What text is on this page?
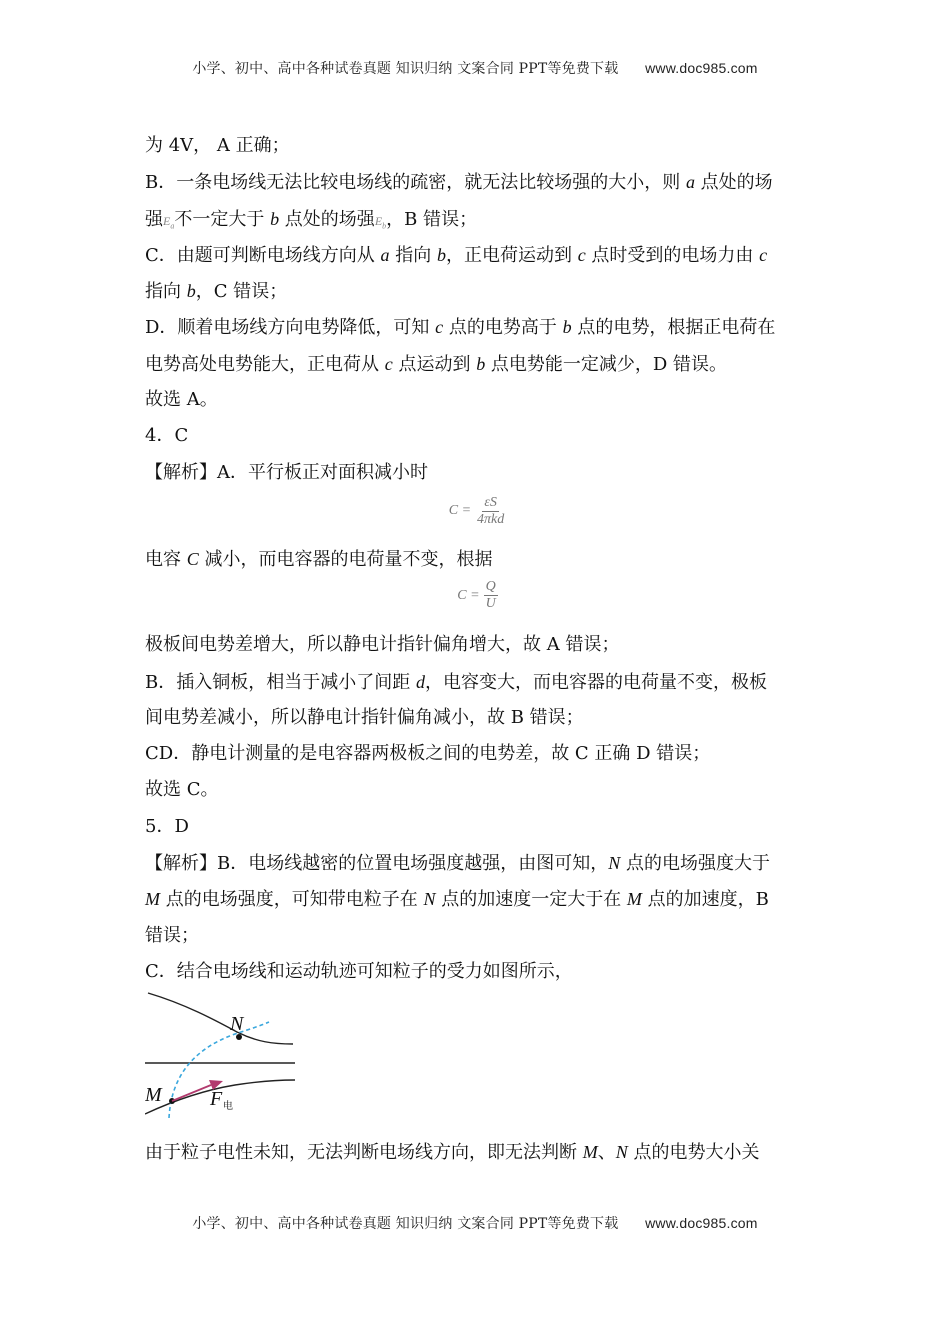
小学、初中、高中各种试卷真题 知识归纳 文案合同 PPT等免费下载 www.doc985.com
为 4V， A 正确；
B．一条电场线无法比较电场线的疏密，就无法比较场强的大小，则 a 点处的场
强$E_a$不一定大于 b 点处的场强$E_b$，B 错误；
C．由题可判断电场线方向从 a 指向 b，正电荷运动到 c 点时受到的电场力由 c
指向 b，C 错误；
D．顺着电场线方向电势降低，可知 c 点的电势高于 b 点的电势，根据正电荷在
电势高处电势能大，正电荷从 c 点运动到 b 点电势能一定减少，D 错误。
故选 A。
4．C
【解析】A．平行板正对面积减小时
$C = \frac{\varepsilon S}{\text{4πkd}}$
电容 C 减小，而电容器的电荷量不变，根据
$C = \frac{Q}{U}$
极板间电势差增大，所以静电计指针偏角增大，故 A 错误；
B．插入铜板，相当于减小了间距 d，电容变大，而电容器的电荷量不变，极板
间电势差减小，所以静电计指针偏角减小，故 B 错误；
CD．静电计测量的是电容器两极板之间的电势差，故 C 正确 D 错误；
故选 C。
5．D
【解析】B．电场线越密的位置电场强度越强，由图可知，N 点的电场强度大于
M 点的电场强度，可知带电粒子在 N 点的加速度一定大于在 M 点的加速度，B
错误；
C．结合电场线和运动轨迹可知粒子的受力如图所示，
N
M F 电
由于粒子电性未知，无法判断电场线方向，即无法判断 M、N 点的电势大小关
小学、初中、高中各种试卷真题 知识归纳 文案合同 PPT等免费下载 www.doc985.com
